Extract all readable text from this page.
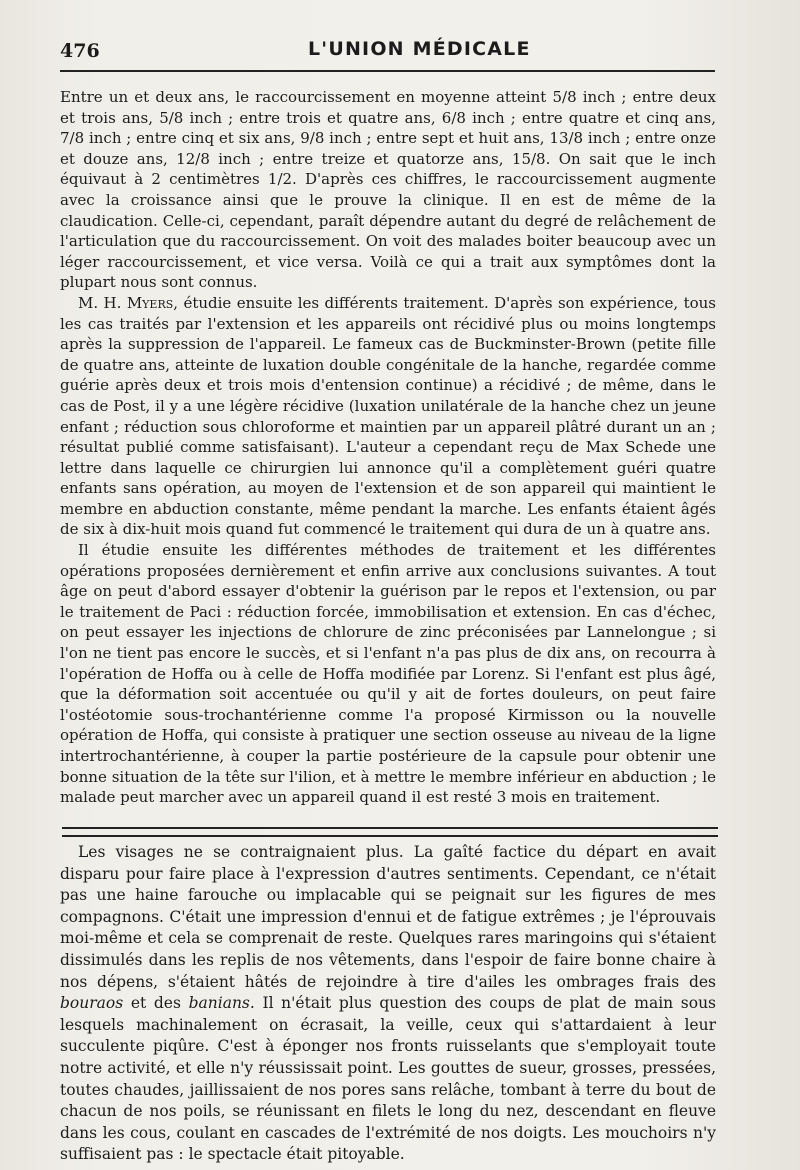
476	L'UNION MÉDICALE

Entre un et deux ans, le raccourcissement en moyenne atteint 5/8 inch ; entre deux et trois ans, 5/8 inch ; entre trois et quatre ans, 6/8 inch ; entre quatre et cinq ans, 7/8 inch ; entre cinq et six ans, 9/8 inch ; entre sept et huit ans, 13/8 inch ; entre onze et douze ans, 12/8 inch ; entre treize et quatorze ans, 15/8. On sait que le inch équivaut à 2 centimètres 1/2. D'après ces chiffres, le raccourcissement augmente avec la croissance ainsi que le prouve la clinique. Il en est de même de la claudication. Celle-ci, cependant, paraît dépendre autant du degré de relâchement de l'articulation que du raccourcissement. On voit des malades boiter beaucoup avec un léger raccourcissement, et vice versa. Voilà ce qui a trait aux symptômes dont la plupart nous sont connus.

M. H. Myers, étudie ensuite les différents traitement. D'après son expérience, tous les cas traités par l'extension et les appareils ont récidivé plus ou moins longtemps après la suppression de l'appareil. Le fameux cas de Buckminster-Brown (petite fille de quatre ans, atteinte de luxation double congénitale de la hanche, regardée comme guérie après deux et trois mois d'entension continue) a récidivé ; de même, dans le cas de Post, il y a une légère récidive (luxation unilatérale de la hanche chez un jeune enfant ; réduction sous chloroforme et maintien par un appareil plâtré durant un an ; résultat publié comme satisfaisant). L'auteur a cependant reçu de Max Schede une lettre dans laquelle ce chirurgien lui annonce qu'il a complètement guéri quatre enfants sans opération, au moyen de l'extension et de son appareil qui maintient le membre en abduction constante, même pendant la marche. Les enfants étaient âgés de six à dix-huit mois quand fut commencé le traitement qui dura de un à quatre ans.

Il étudie ensuite les différentes méthodes de traitement et les différentes opérations proposées dernièrement et enfin arrive aux conclusions suivantes. A tout âge on peut d'abord essayer d'obtenir la guérison par le repos et l'extension, ou par le traitement de Paci : réduction forcée, immobilisation et extension. En cas d'échec, on peut essayer les injections de chlorure de zinc préconisées par Lannelongue ; si l'on ne tient pas encore le succès, et si l'enfant n'a pas plus de dix ans, on recourra à l'opération de Hoffa ou à celle de Hoffa modifiée par Lorenz. Si l'enfant est plus âgé, que la déformation soit accentuée ou qu'il y ait de fortes douleurs, on peut faire l'ostéotomie sous-trochantérienne comme l'a proposé Kirmisson ou la nouvelle opération de Hoffa, qui consiste à pratiquer une section osseuse au niveau de la ligne intertrochantérienne, à couper la partie postérieure de la capsule pour obtenir une bonne situation de la tête sur l'ilion, et à mettre le membre inférieur en abduction ; le malade peut marcher avec un appareil quand il est resté 3 mois en traitement.

Les visages ne se contraignaient plus. La gaîté factice du départ en avait disparu pour faire place à l'expression d'autres sentiments. Cependant, ce n'était pas une haine farouche ou implacable qui se peignait sur les figures de mes compagnons. C'était une impression d'ennui et de fatigue extrêmes ; je l'éprouvais moi-même et cela se comprenait de reste. Quelques rares maringoins qui s'étaient dissimulés dans les replis de nos vêtements, dans l'espoir de faire bonne chaire à nos dépens, s'étaient hâtés de rejoindre à tire d'ailes les ombrages frais des bouraos et des banians. Il n'était plus question des coups de plat de main sous lesquels machinalement on écrasait, la veille, ceux qui s'attardaient à leur succulente piqûre. C'est à éponger nos fronts ruisselants que s'employait toute notre activité, et elle n'y réussissait point. Les gouttes de sueur, grosses, pressées, toutes chaudes, jaillissaient de nos pores sans relâche, tombant à terre du bout de chacun de nos poils, se réunissant en filets le long du nez, descendant en fleuve dans les cous, coulant en cascades de l'extrémité de nos doigts. Les mouchoirs n'y suffisaient pas : le spectacle était pitoyable.
